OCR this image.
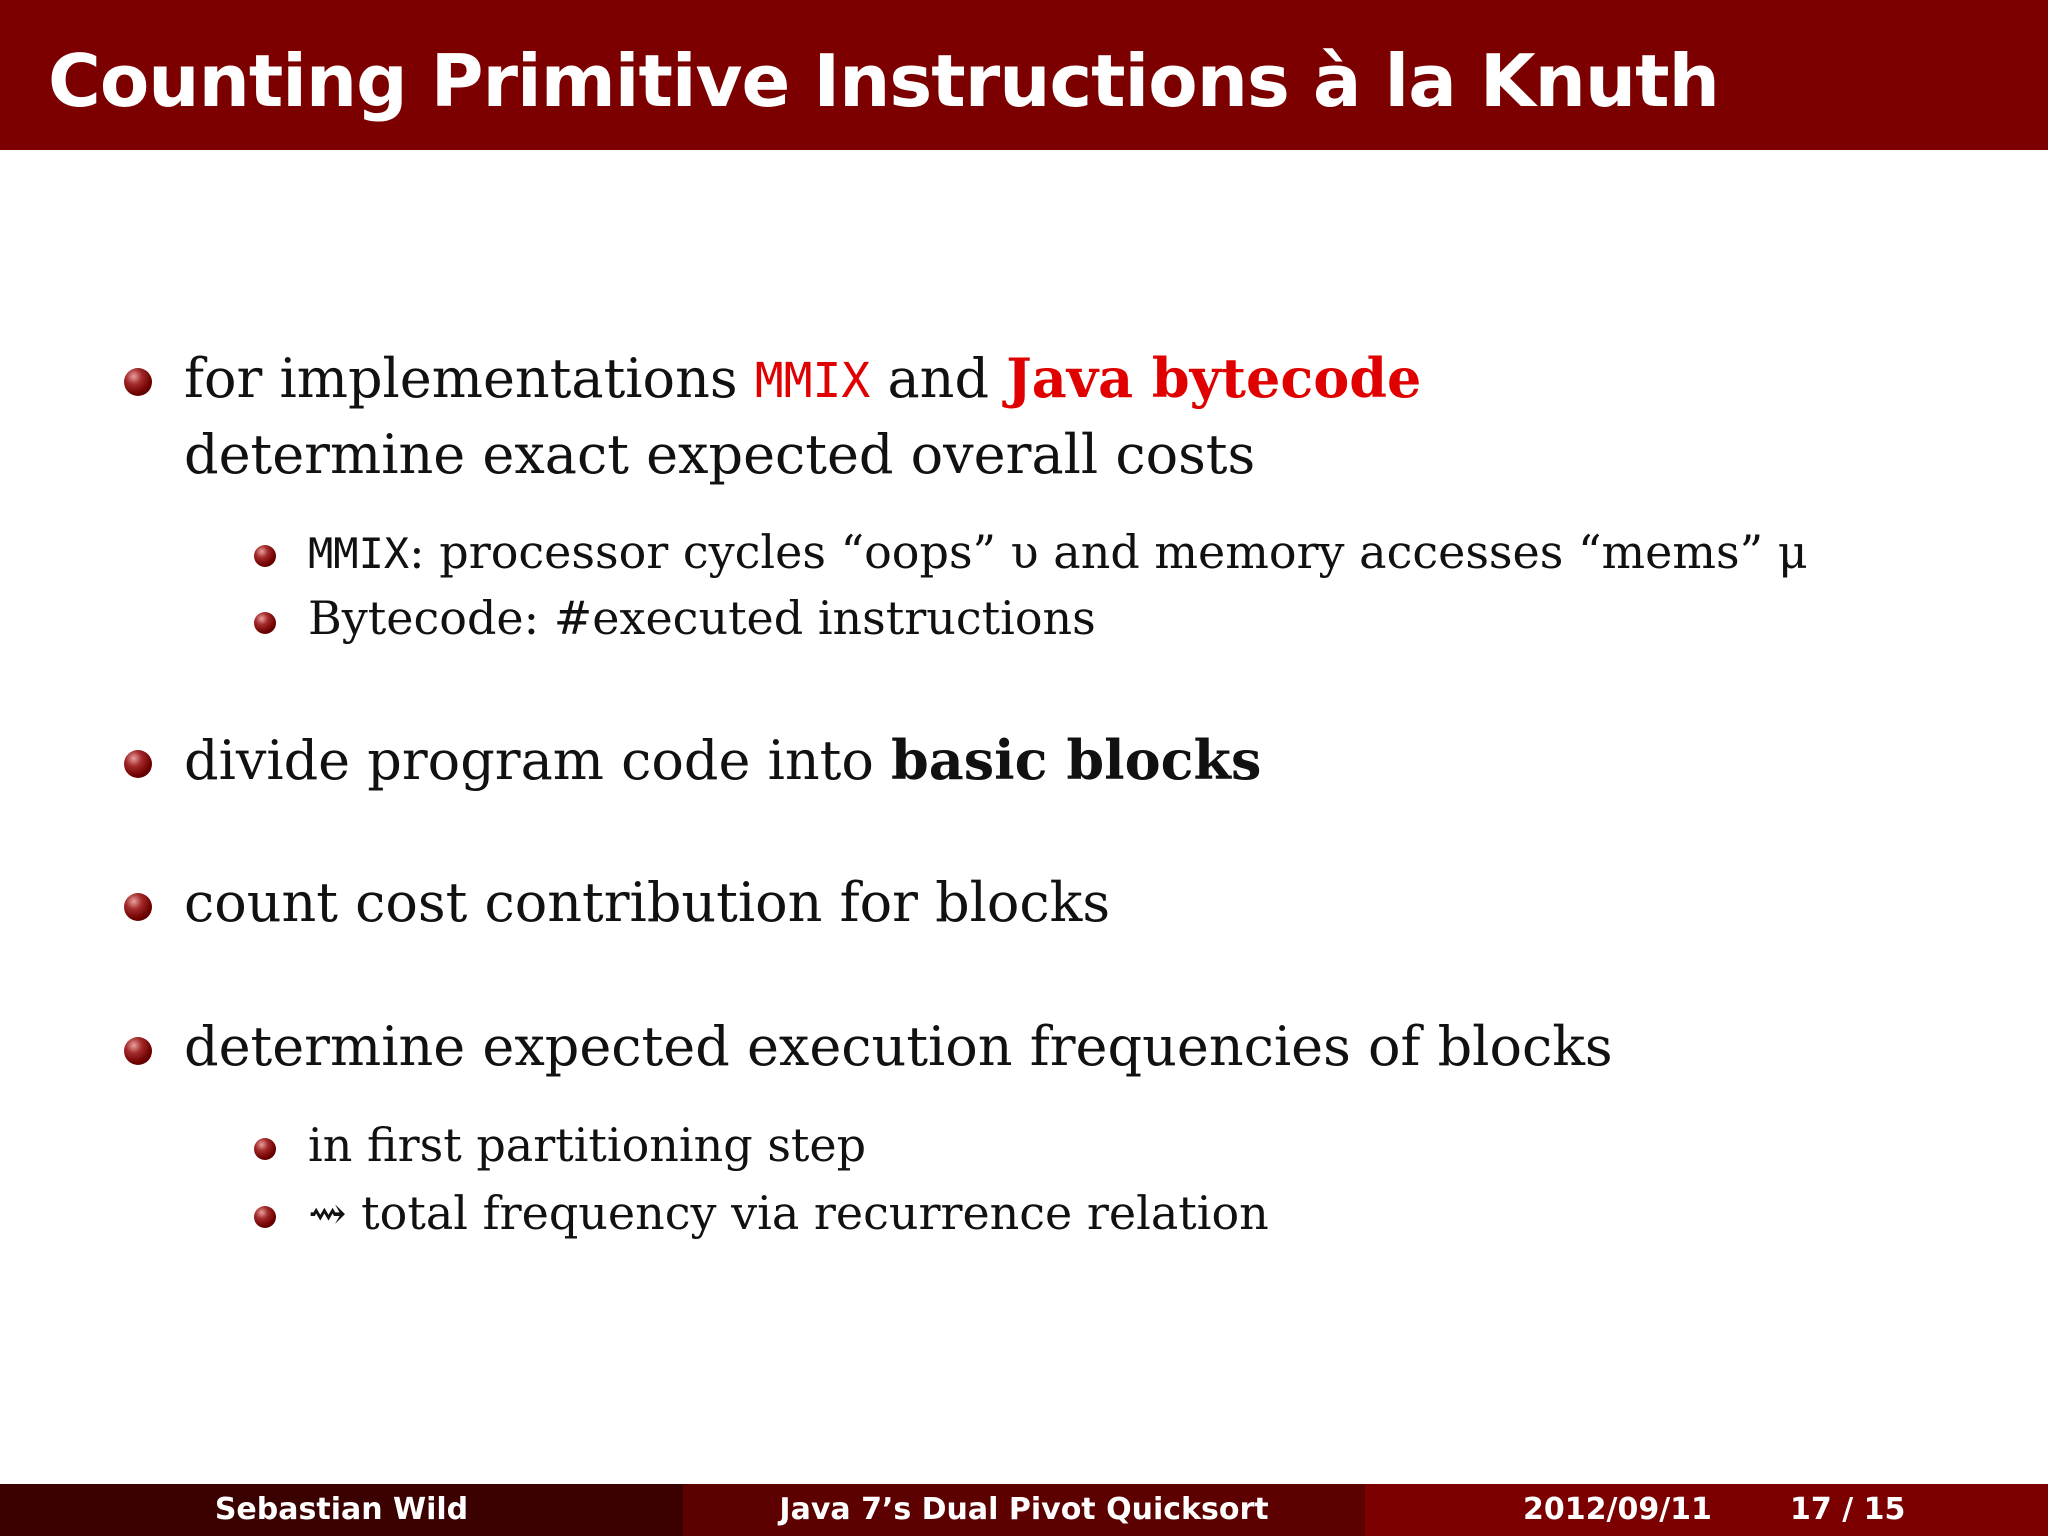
Counting Primitive Instructions à la Knuth
for implementations MMIX and Java bytecode
determine exact expected overall costs
MMIX: processor cycles “oops” υ and memory accesses “mems” μ
Bytecode: #executed instructions
divide program code into basic blocks
count cost contribution for blocks
determine expected execution frequencies of blocks
in first partitioning step
⇝ total frequency via recurrence relation
Sebastian Wild	Java 7’s Dual Pivot Quicksort	2012/09/11	17 / 15
